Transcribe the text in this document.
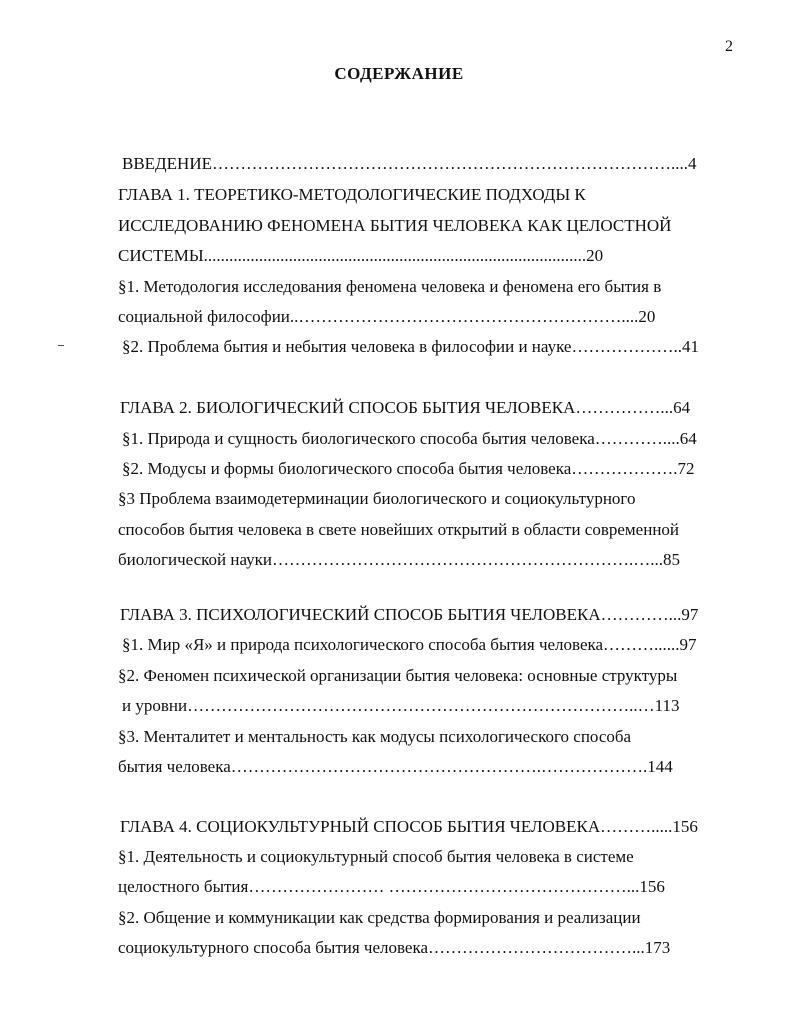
2
СОДЕРЖАНИЕ
ВВЕДЕНИЕ………………………………………………………………………....4
ГЛАВА 1. ТЕОРЕТИКО-МЕТОДОЛОГИЧЕСКИЕ ПОДХОДЫ К
ИССЛЕДОВАНИЮ ФЕНОМЕНА БЫТИЯ ЧЕЛОВЕКА КАК ЦЕЛОСТНОЙ
СИСТЕМЫ..........................................................................................20
§1. Методология исследования феномена человека и феномена его бытия в
социальной философии..…………………………………………………....20
§2. Проблема бытия и небытия человека в философии и науке………………..41
ГЛАВА 2. БИОЛОГИЧЕСКИЙ СПОСОБ БЫТИЯ ЧЕЛОВЕКА……………...64
§1. Природа и сущность биологического способа бытия человека…………....64
§2. Модусы и формы биологического способа бытия человека……………….72
§3 Проблема взаимодетерминации биологического и социокультурного
способов бытия человека в свете новейших открытий в области современной
биологической науки……………………………………………………….…...85
ГЛАВА 3. ПСИХОЛОГИЧЕСКИЙ СПОСОБ БЫТИЯ ЧЕЛОВЕКА…………...97
§1. Мир «Я» и природа психологического способа бытия человека………......97
§2. Феномен психической организации бытия человека: основные структуры
и уровни……………………………………………………………………..…113
§3. Менталитет и ментальность как модусы психологического способа
бытия человека……………………………………………….……………….144
ГЛАВА 4. СОЦИОКУЛЬТУРНЫЙ СПОСОБ БЫТИЯ ЧЕЛОВЕКА……….....156
§1. Деятельность и социокультурный способ бытия человека в системе
целостного бытия…………………… ……………………………………...156
§2. Общение и коммуникации как средства формирования и реализации
социокультурного способа бытия человека………………………………...173
